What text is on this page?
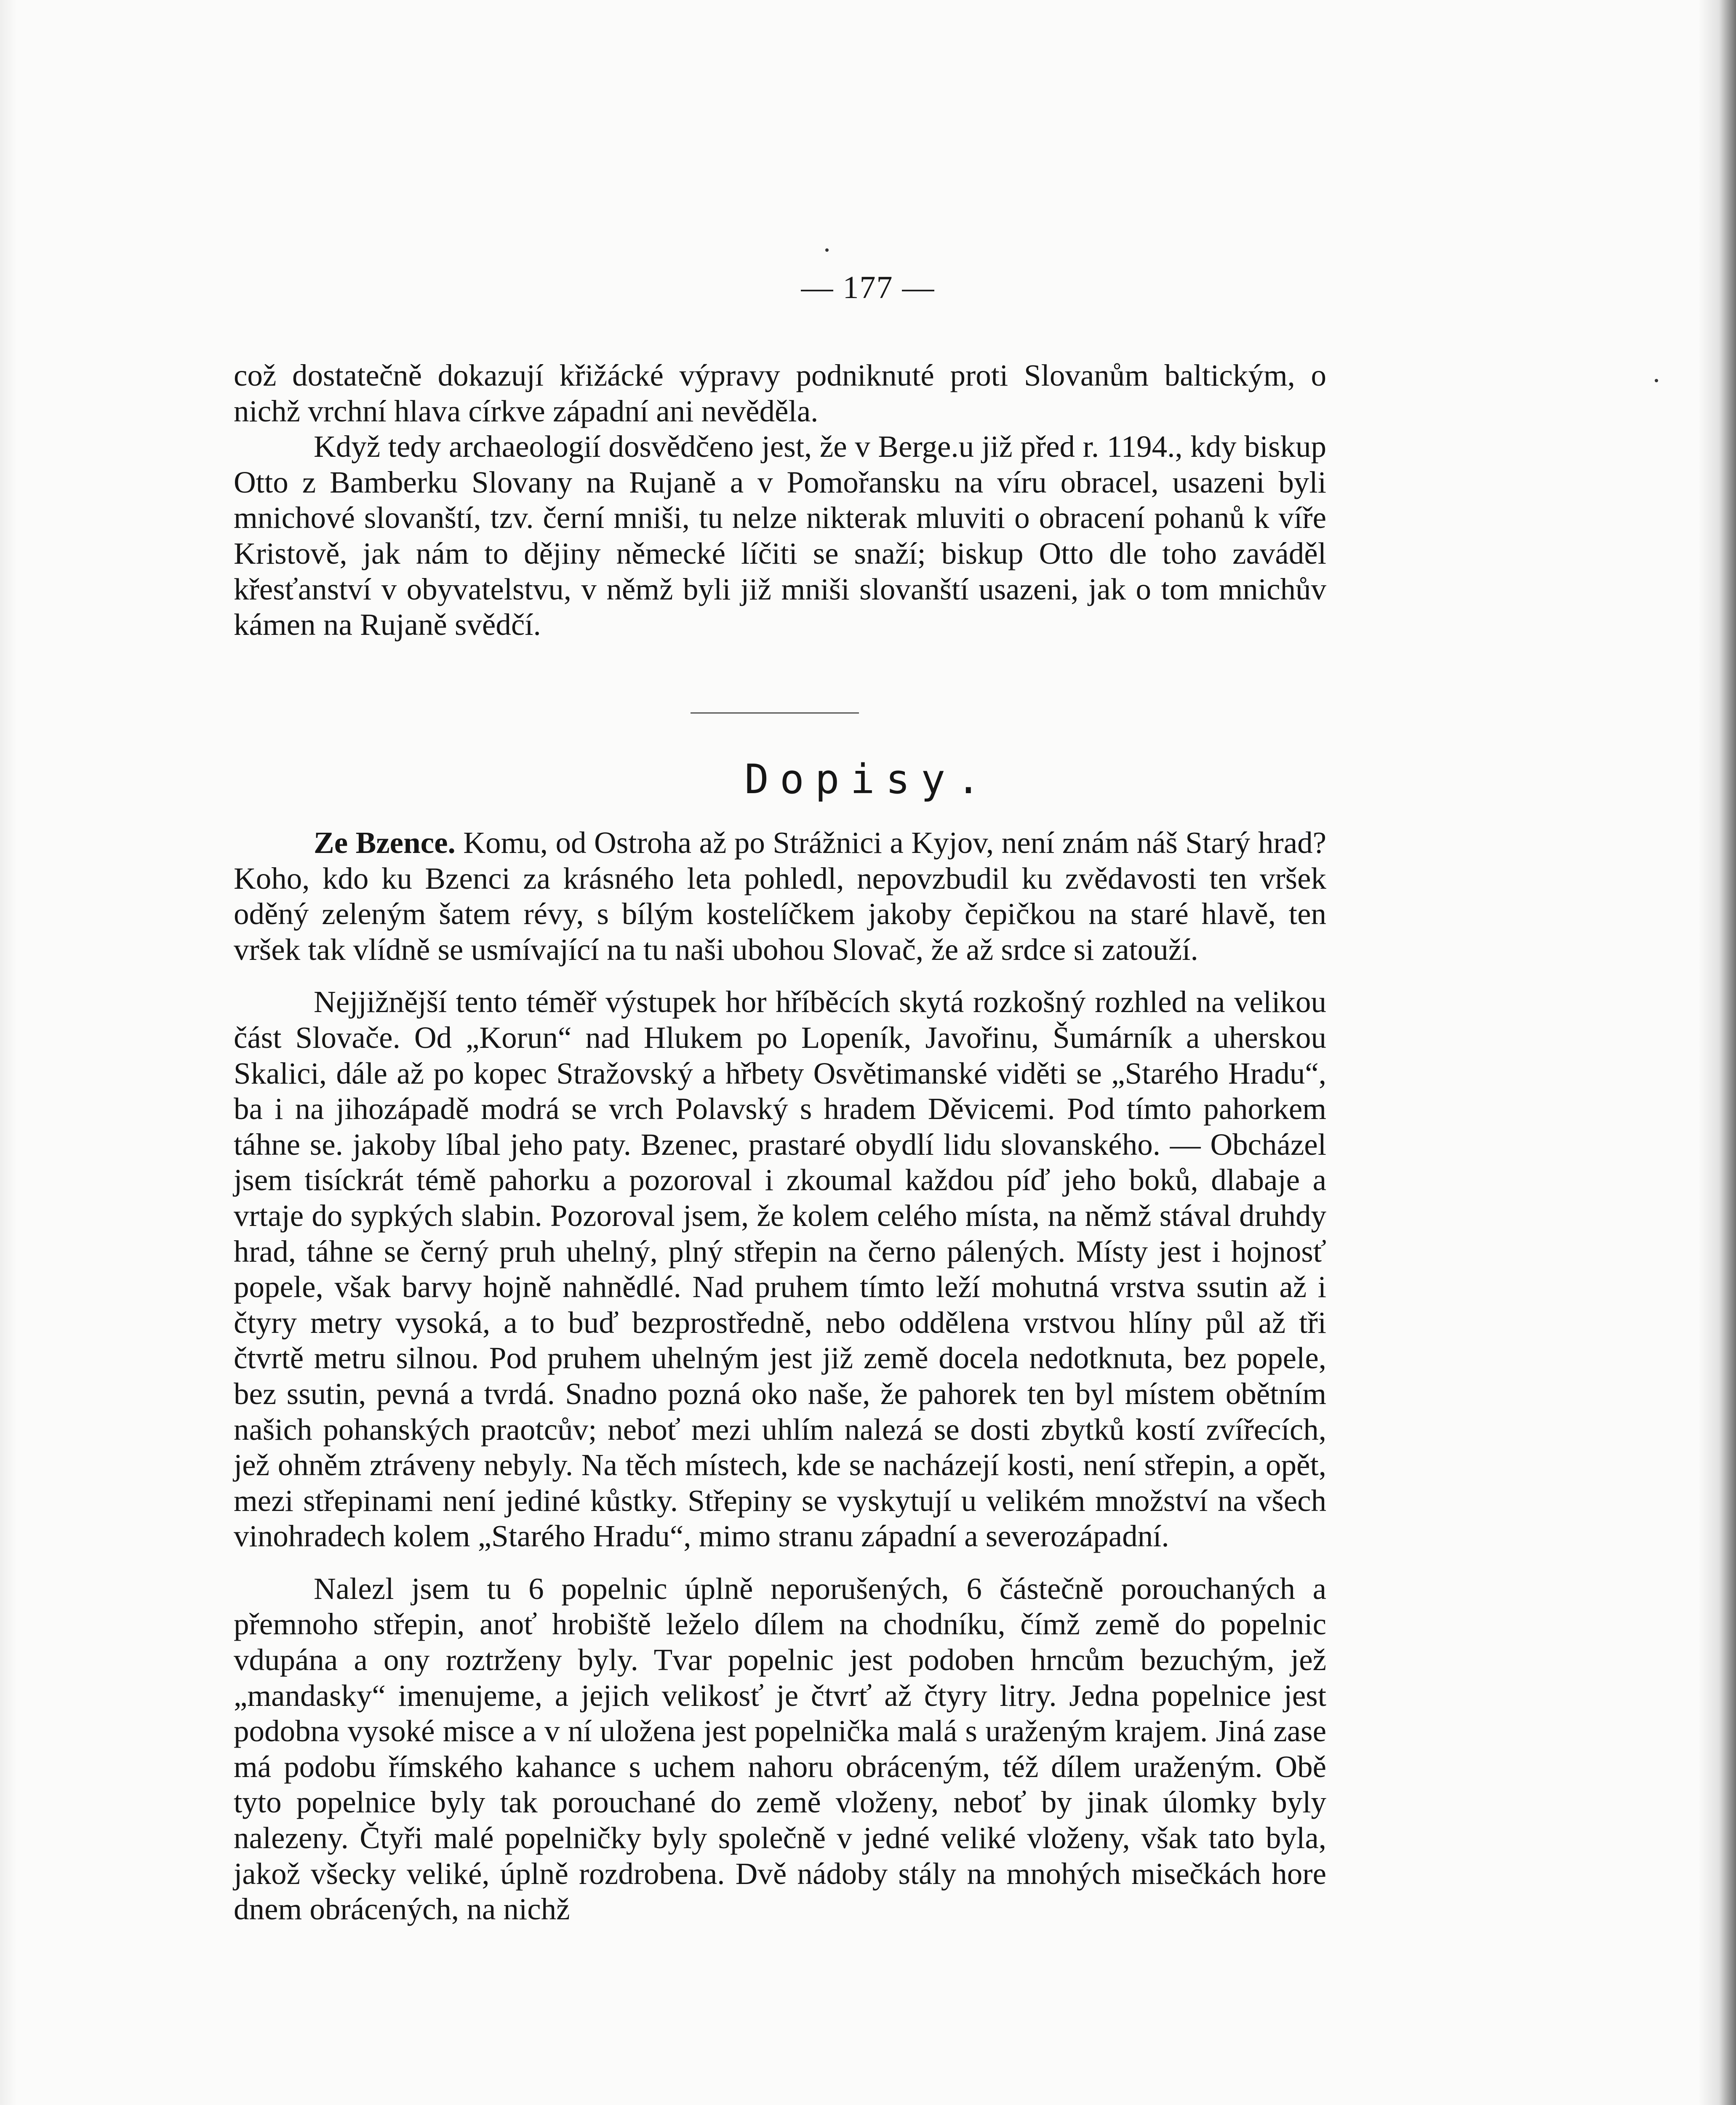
— 177 —

což dostatečně dokazují křižácké výpravy podniknuté proti Slovanům baltickým, o nichž vrchní hlava církve západní ani nevěděla.

Když tedy archaeologií dosvědčeno jest, že v Berge.u již před r. 1194., kdy biskup Otto z Bamberku Slovany na Rujaně a v Pomořansku na víru obracel, usazeni byli mnichové slovanští, tzv. černí mniši, tu nelze nikterak mluviti o obracení pohanů k víře Kristově, jak nám to dějiny německé líčiti se snaží; biskup Otto dle toho zaváděl křesťanství v obyvatelstvu, v němž byli již mniši slovanští usazeni, jak o tom mnichův kámen na Rujaně svědčí.

Dopisy.

Ze Bzence. Komu, od Ostroha až po Strážnici a Kyjov, není znám náš Starý hrad? Koho, kdo ku Bzenci za krásného leta pohledl, nepovzbudil ku zvědavosti ten vršek oděný zeleným šatem révy, s bílým kostelíčkem jakoby čepičkou na staré hlavě, ten vršek tak vlídně se usmívající na tu naši ubohou Slovač, že až srdce si zatouží.

Nejjižnější tento téměř výstupek hor hříběcích skytá rozkošný rozhled na velikou část Slovače. Od „Korun“ nad Hlukem po Lopeník, Javořinu, Šumárník a uherskou Skalici, dále až po kopec Stražovský a hřbety Osvětimanské viděti se „Starého Hradu“, ba i na jihozápadě modrá se vrch Polavský s hradem Děvicemi. Pod tímto pahorkem táhne se. jakoby líbal jeho paty. Bzenec, prastaré obydlí lidu slovanského. — Obcházel jsem tisíckrát témě pahorku a pozoroval i zkoumal každou píď jeho boků, dlabaje a vrtaje do sypkých slabin. Pozoroval jsem, že kolem celého místa, na němž stával druhdy hrad, táhne se černý pruh uhelný, plný střepin na černo pálených. Místy jest i hojnosť popele, však barvy hojně nahnědlé. Nad pruhem tímto leží mohutná vrstva ssutin až i čtyry metry vysoká, a to buď bezprostředně, nebo oddělena vrstvou hlíny půl až tři čtvrtě metru silnou. Pod pruhem uhelným jest již země docela nedotknuta, bez popele, bez ssutin, pevná a tvrdá. Snadno pozná oko naše, že pahorek ten byl místem obětním našich pohanských praotcův; neboť mezi uhlím nalezá se dosti zbytků kostí zvířecích, jež ohněm ztráveny nebyly. Na těch místech, kde se nacházejí kosti, není střepin, a opět, mezi střepinami není jediné kůstky. Střepiny se vyskytují u velikém množství na všech vinohradech kolem „Starého Hradu“, mimo stranu západní a severozápadní.

Nalezl jsem tu 6 popelnic úplně neporušených, 6 částečně porouchaných a přemnoho střepin, anoť hrobiště leželo dílem na chodníku, čímž země do popelnic vdupána a ony roztrženy byly. Tvar popelnic jest podoben hrncům bezuchým, jež „mandasky“ imenujeme, a jejich velikosť je čtvrť až čtyry litry. Jedna popelnice jest podobna vysoké misce a v ní uložena jest popelnička malá s uraženým krajem. Jiná zase má podobu římského kahance s uchem nahoru obráceným, též dílem uraženým. Obě tyto popelnice byly tak porouchané do země vloženy, neboť by jinak úlomky byly nalezeny. Čtyři malé popelničky byly společně v jedné veliké vloženy, však tato byla, jakož všecky veliké, úplně rozdrobena. Dvě nádoby stály na mnohých misečkách hore dnem obrácených, na nichž
